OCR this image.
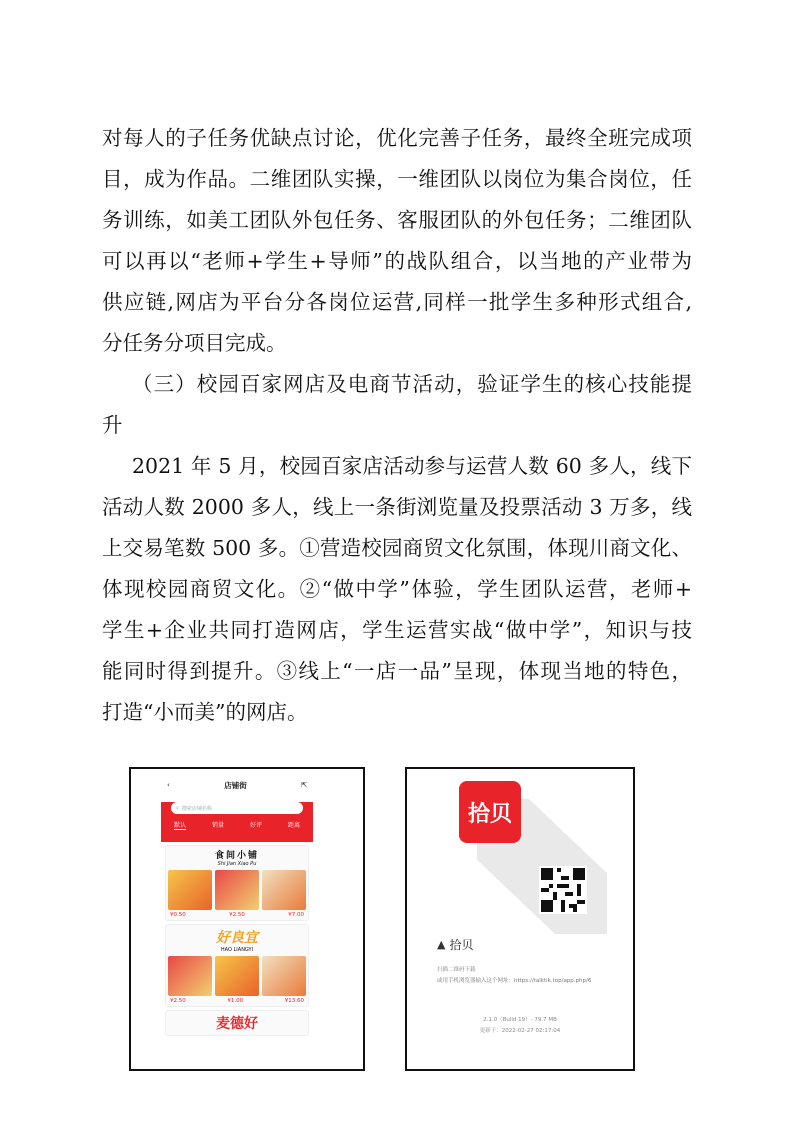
对每人的子任务优缺点讨论，优化完善子任务，最终全班完成项
目，成为作品。二维团队实操，一维团队以岗位为集合岗位，任
务训练，如美工团队外包任务、客服团队的外包任务；二维团队
可以再以“老师+学生+导师”的战队组合，以当地的产业带为
供应链,网店为平台分各岗位运营,同样一批学生多种形式组合,
分任务分项目完成。
（三）校园百家网店及电商节活动，验证学生的核心技能提
升
2021 年 5 月，校园百家店活动参与运营人数 60 多人，线下
活动人数 2000 多人，线上一条街浏览量及投票活动 3 万多，线
上交易笔数 500 多。①营造校园商贸文化氛围，体现川商文化、
体现校园商贸文化。②“做中学”体验，学生团队运营，老师+
学生+企业共同打造网店，学生运营实战“做中学”，知识与技
能同时得到提升。③线上“一店一品”呈现，体现当地的特色，
打造“小而美”的网店。
‹	店铺街	⇱
⌕ 搜索店铺名称
默认	销量	好评	距离
食间小铺
Shi Jian Xiao Pu
¥0.50	¥2.50	¥7.00
好良宜
HAO LIANGYI
¥2.50	¥1.00	¥13.60
麦德好
拾贝
▲ 拾贝
扫描二维码下载
或用手机浏览器输入这个网址：https://talktik.top/app.php/6
2.1.0（Build 19）- 79.7 MB
更新于：2022-02-27 02:17:04
